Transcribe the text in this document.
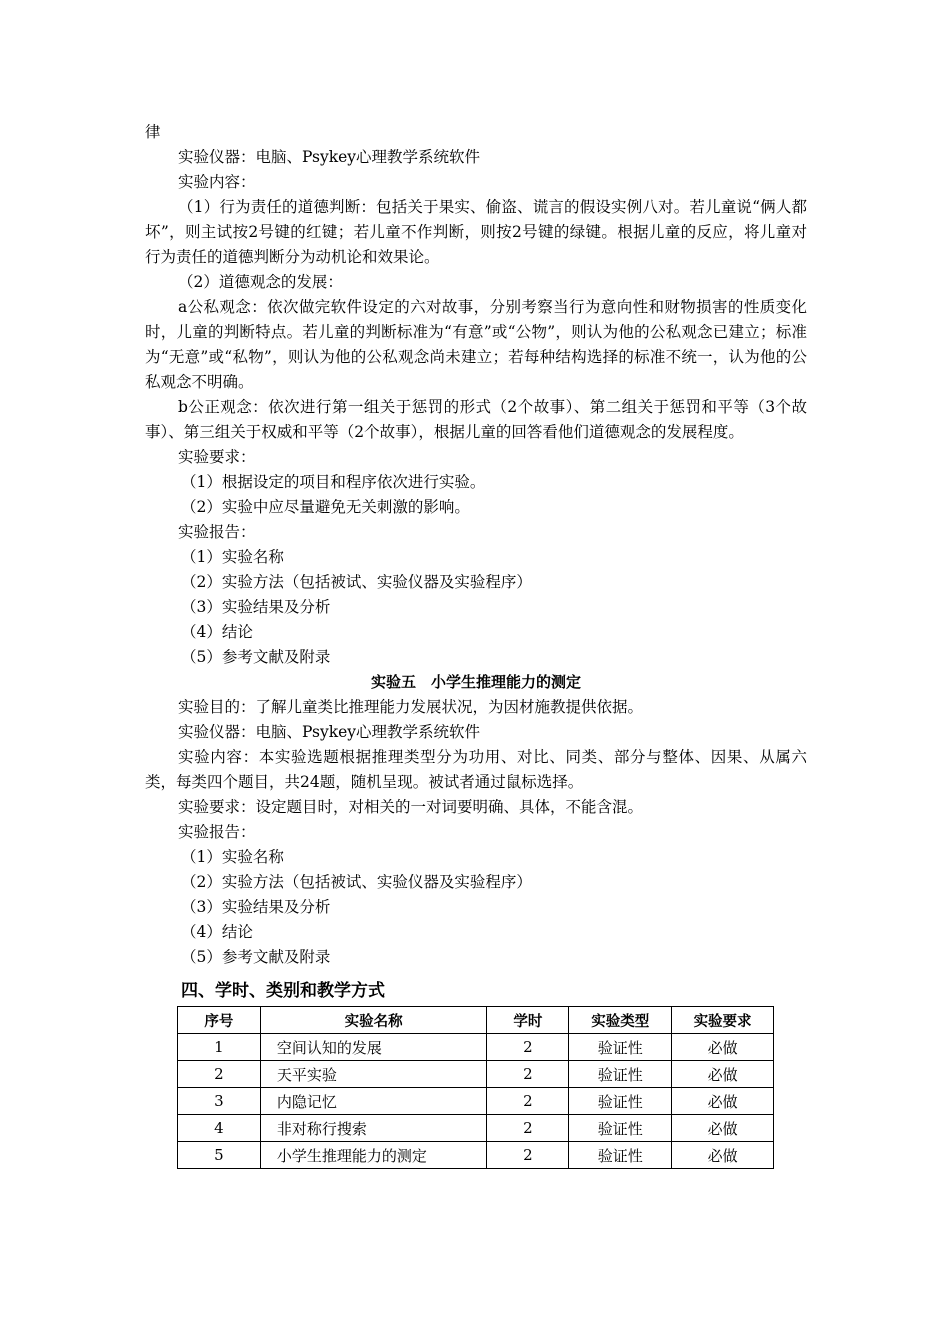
律

实验仪器：电脑、Psykey心理教学系统软件

实验内容：

（1）行为责任的道德判断：包括关于果实、偷盗、谎言的假设实例八对。若儿童说“俩人都坏”，则主试按2号键的红键；若儿童不作判断，则按2号键的绿键。根据儿童的反应，将儿童对行为责任的道德判断分为动机论和效果论。

（2）道德观念的发展：

a公私观念：依次做完软件设定的六对故事，分别考察当行为意向性和财物损害的性质变化时，儿童的判断特点。若儿童的判断标准为“有意”或“公物”，则认为他的公私观念已建立；标准为“无意”或“私物”，则认为他的公私观念尚未建立；若每种结构选择的标准不统一，认为他的公私观念不明确。

b公正观念：依次进行第一组关于惩罚的形式（2个故事）、第二组关于惩罚和平等（3个故事）、第三组关于权威和平等（2个故事），根据儿童的回答看他们道德观念的发展程度。

实验要求：

（1）根据设定的项目和程序依次进行实验。

（2）实验中应尽量避免无关刺激的影响。

实验报告：

（1）实验名称

（2）实验方法（包括被试、实验仪器及实验程序）

（3）实验结果及分析

（4）结论

（5）参考文献及附录

实验五　小学生推理能力的测定

实验目的：了解儿童类比推理能力发展状况，为因材施教提供依据。

实验仪器：电脑、Psykey心理教学系统软件

实验内容：本实验选题根据推理类型分为功用、对比、同类、部分与整体、因果、从属六类，每类四个题目，共24题，随机呈现。被试者通过鼠标选择。

实验要求：设定题目时，对相关的一对词要明确、具体，不能含混。

实验报告：

（1）实验名称

（2）实验方法（包括被试、实验仪器及实验程序）

（3）实验结果及分析

（4）结论

（5）参考文献及附录

四、学时、类别和教学方式

序号	实验名称	学时	实验类型	实验要求
1	空间认知的发展	2	验证性	必做
2	天平实验	2	验证性	必做
3	内隐记忆	2	验证性	必做
4	非对称行搜索	2	验证性	必做
5	小学生推理能力的测定	2	验证性	必做
